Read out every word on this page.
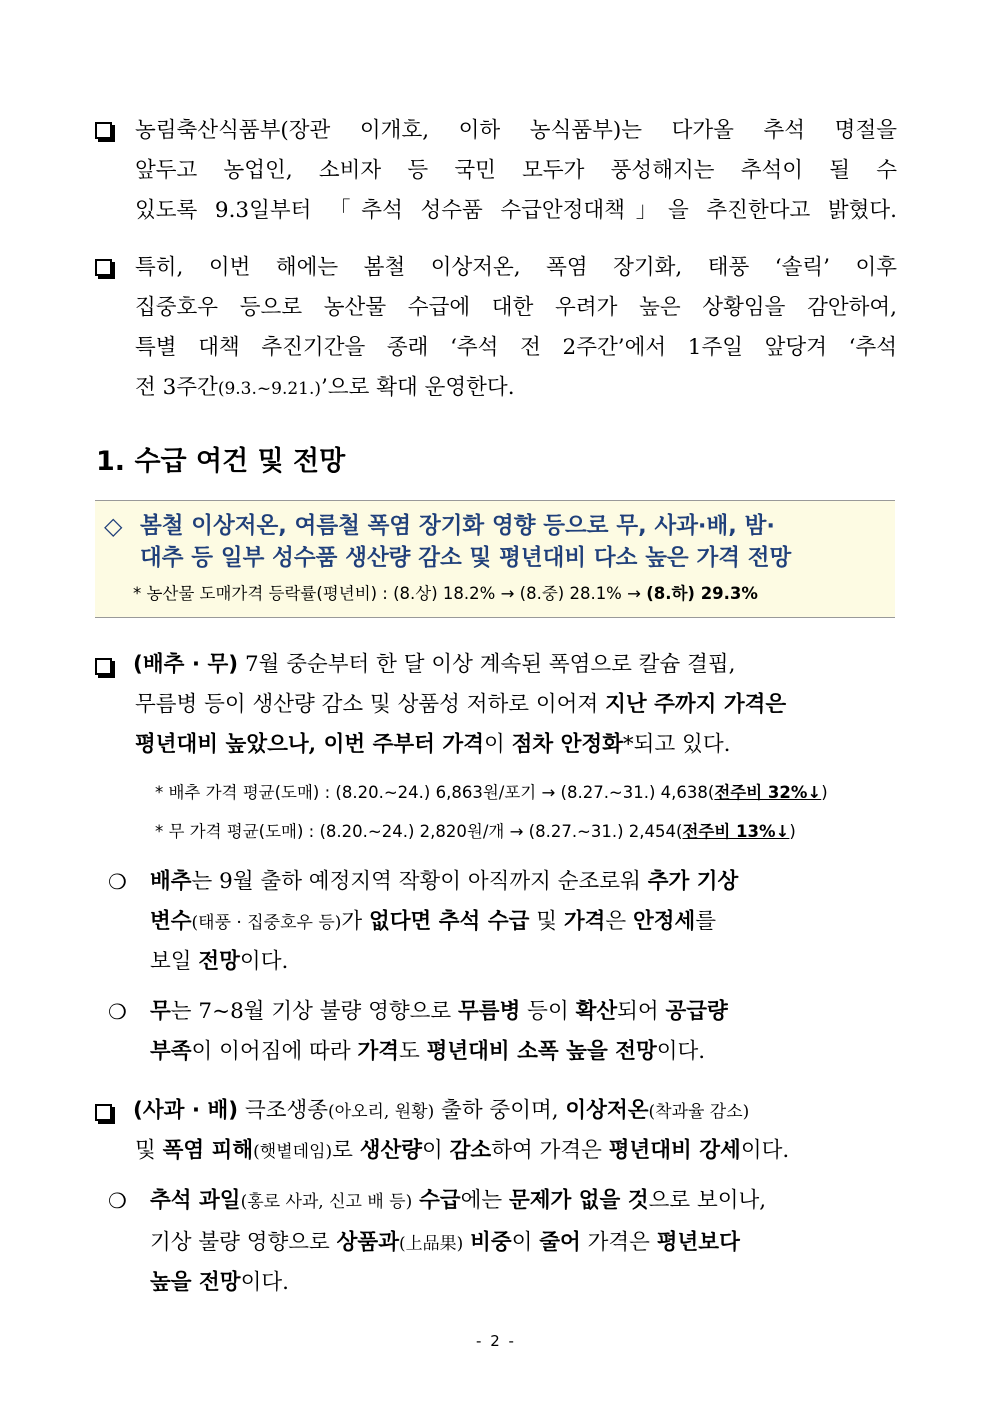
농림축산식품부(장관 이개호, 이하 농식품부)는 다가올 추석 명절을
앞두고 농업인, 소비자 등 국민 모두가 풍성해지는 추석이 될 수
있도록 9.3일부터 「추석 성수품 수급안정대책」을 추진한다고 밝혔다.
특히, 이번 해에는 봄철 이상저온, 폭염 장기화, 태풍 ‘솔릭’ 이후
집중호우 등으로 농산물 수급에 대한 우려가 높은 상황임을 감안하여,
특별 대책 추진기간을 종래 ‘추석 전 2주간’에서 1주일 앞당겨 ‘추석
전 3주간(9.3.~9.21.)’으로 확대 운영한다.
1. 수급 여건 및 전망
◇ 봄철 이상저온, 여름철 폭염 장기화 영향 등으로 무, 사과·배, 밤·
대추 등 일부 성수품 생산량 감소 및 평년대비 다소 높은 가격 전망
* 농산물 도매가격 등락률(평년비) : (8.상) 18.2% → (8.중) 28.1% → (8.하) 29.3%
(배추 · 무) 7월 중순부터 한 달 이상 계속된 폭염으로 칼슘 결핍,
무름병 등이 생산량 감소 및 상품성 저하로 이어져 지난 주까지 가격은
평년대비 높았으나, 이번 주부터 가격이 점차 안정화*되고 있다.
* 배추 가격 평균(도매) : (8.20.~24.) 6,863원/포기 → (8.27.~31.) 4,638(전주비 32%↓)
* 무 가격 평균(도매) : (8.20.~24.) 2,820원/개 → (8.27.~31.) 2,454(전주비 13%↓)
❍ 배추는 9월 출하 예정지역 작황이 아직까지 순조로워 추가 기상
변수(태풍 · 집중호우 등)가 없다면 추석 수급 및 가격은 안정세를
보일 전망이다.
❍ 무는 7~8월 기상 불량 영향으로 무름병 등이 확산되어 공급량
부족이 이어짐에 따라 가격도 평년대비 소폭 높을 전망이다.
(사과 · 배) 극조생종(아오리, 원황) 출하 중이며, 이상저온(착과율 감소)
및 폭염 피해(햇볕데임)로 생산량이 감소하여 가격은 평년대비 강세이다.
❍ 추석 과일(홍로 사과, 신고 배 등) 수급에는 문제가 없을 것으로 보이나,
기상 불량 영향으로 상품과(上品果) 비중이 줄어 가격은 평년보다
높을 전망이다.
- 2 -
